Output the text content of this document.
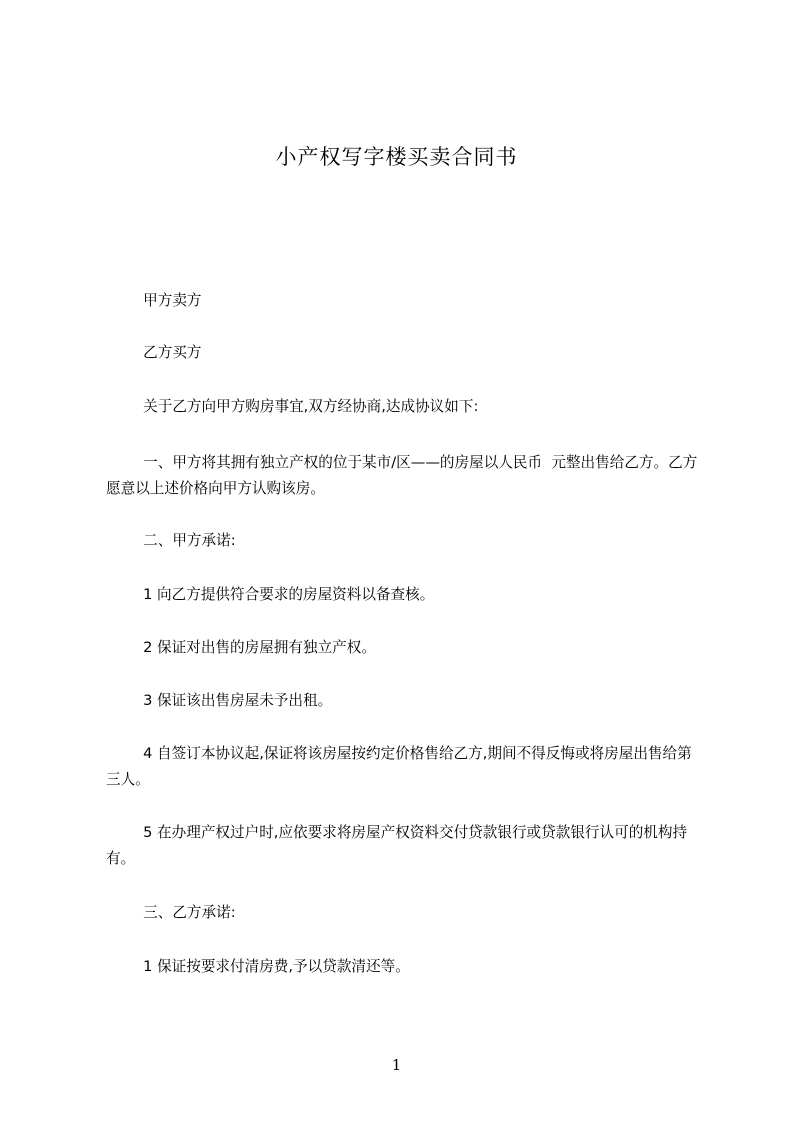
小产权写字楼买卖合同书
甲方卖方
乙方买方
关于乙方向甲方购房事宜,双方经协商,达成协议如下:
一、甲方将其拥有独立产权的位于某市/区——的房屋以人民币  元整出售给乙方。乙方愿意以上述价格向甲方认购该房。
二、甲方承诺:
1 向乙方提供符合要求的房屋资料以备查核。
2 保证对出售的房屋拥有独立产权。
3 保证该出售房屋未予出租。
4 自签订本协议起,保证将该房屋按约定价格售给乙方,期间不得反悔或将房屋出售给第三人。
5 在办理产权过户时,应依要求将房屋产权资料交付贷款银行或贷款银行认可的机构持有。
三、乙方承诺:
1 保证按要求付清房费,予以贷款清还等。
1
